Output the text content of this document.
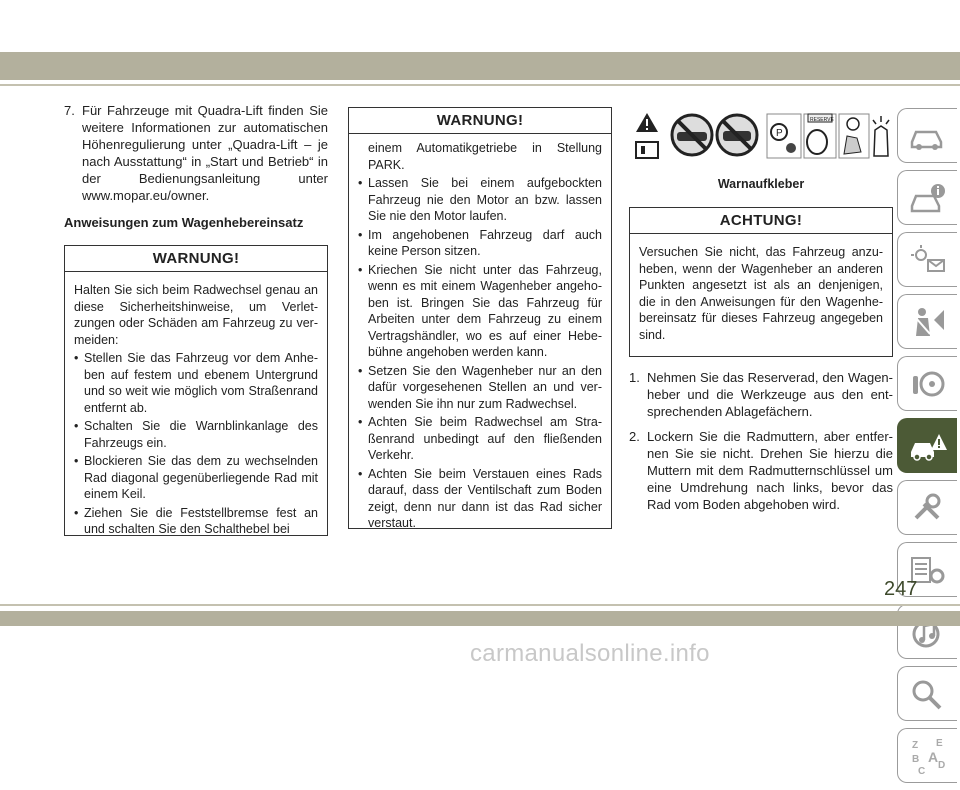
7. Für Fahrzeuge mit Quadra-Lift finden Sie weitere Informationen zur automatischen Höhenregulierung unter „Quadra-Lift – je nach Ausstattung“ in „Start und Betrieb“ in der Bedienungsanleitung unter www.mopar.eu/owner.
Anweisungen zum Wagenhebereinsatz
WARNUNG!

Halten Sie sich beim Radwechsel genau an diese Sicherheitshinweise, um Verletzungen oder Schäden am Fahrzeug zu vermeiden:

• Stellen Sie das Fahrzeug vor dem Anheben auf festem und ebenem Untergrund und so weit wie möglich vom Straßenrand entfernt ab.

• Schalten Sie die Warnblinkanlage des Fahrzeugs ein.

• Blockieren Sie das dem zu wechselnden Rad diagonal gegenüberliegende Rad mit einem Keil.

• Ziehen Sie die Feststellbremse fest an und schalten Sie den Schalthebel bei

WARNUNG!

einem Automatikgetriebe in Stellung PARK.

• Lassen Sie bei einem aufgebockten Fahrzeug nie den Motor an bzw. lassen Sie nie den Motor laufen.

• Im angehobenen Fahrzeug darf auch keine Person sitzen.

• Kriechen Sie nicht unter das Fahrzeug, wenn es mit einem Wagenheber angehoben ist. Bringen Sie das Fahrzeug für Arbeiten unter dem Fahrzeug zu einem Vertragshändler, wo es auf einer Hebebühne angehoben werden kann.

• Setzen Sie den Wagenheber nur an den dafür vorgesehenen Stellen an und verwenden Sie ihn nur zum Radwechsel.

• Achten Sie beim Radwechsel am Straßenrand unbedingt auf den fließenden Verkehr.

• Achten Sie beim Verstauen eines Rads darauf, dass der Ventilschaft zum Boden zeigt, denn nur dann ist das Rad sicher verstaut.

P
RESERVE
Warnaufkleber
ACHTUNG!
Versuchen Sie nicht, das Fahrzeug anzuheben, wenn der Wagenheber an anderen Punkten angesetzt ist als an denjenigen, die in den Anweisungen für den Wagenhebereinsatz für dieses Fahrzeug angegeben sind.
1. Nehmen Sie das Reserverad, den Wagenheber und die Werkzeuge aus den entsprechenden Ablagefächern.
2. Lockern Sie die Radmuttern, aber entfernen Sie sie nicht. Drehen Sie hierzu die Muttern mit dem Radmutternschlüssel um eine Umdrehung nach links, bevor das Rad vom Boden abgehoben wird.
Z E
B A
C
D
247
carmanualsonline.info
